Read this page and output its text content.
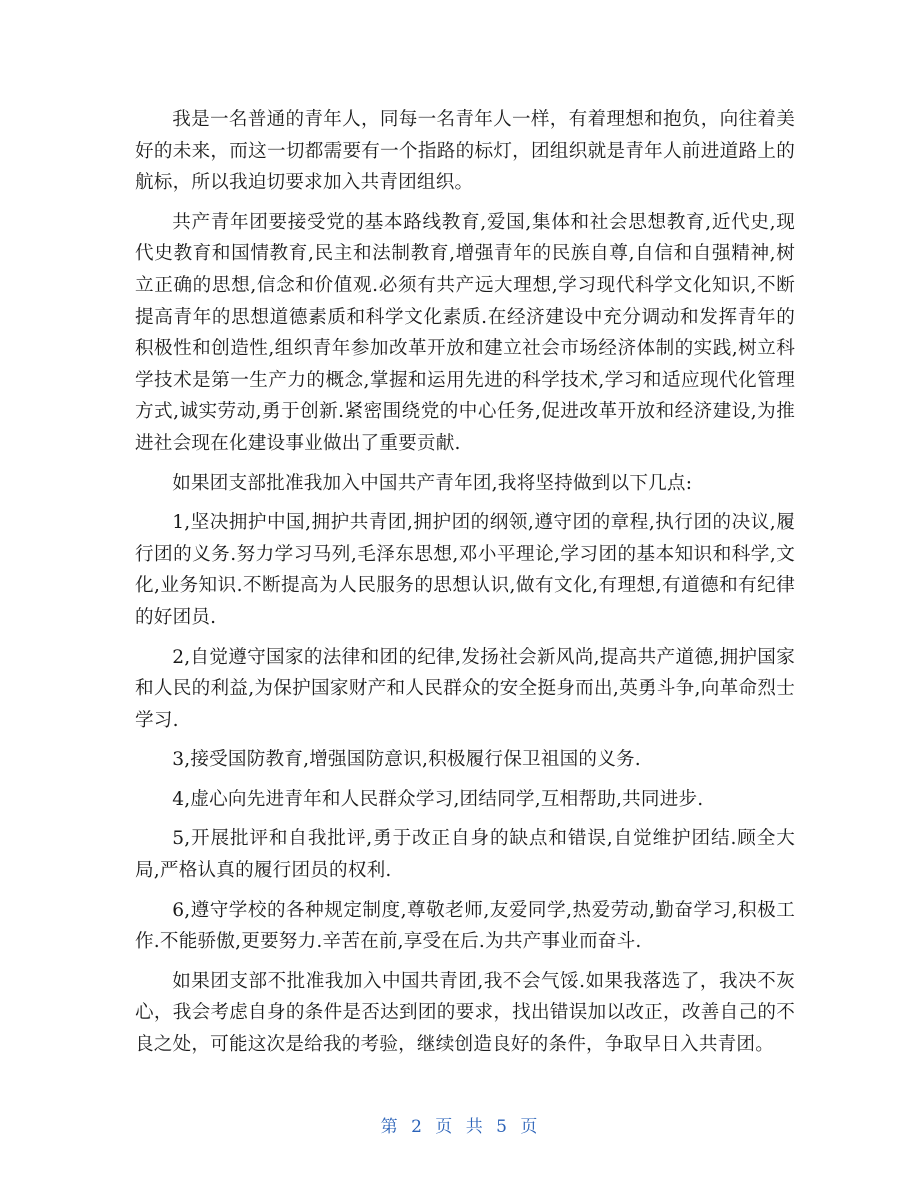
我是一名普通的青年人，同每一名青年人一样，有着理想和抱负，向往着美好的未来，而这一切都需要有一个指路的标灯，团组织就是青年人前进道路上的航标，所以我迫切要求加入共青团组织。

共产青年团要接受党的基本路线教育,爱国,集体和社会思想教育,近代史,现代史教育和国情教育,民主和法制教育,增强青年的民族自尊,自信和自强精神,树立正确的思想,信念和价值观.必须有共产远大理想,学习现代科学文化知识,不断提高青年的思想道德素质和科学文化素质.在经济建设中充分调动和发挥青年的积极性和创造性,组织青年参加改革开放和建立社会市场经济体制的实践,树立科学技术是第一生产力的概念,掌握和运用先进的科学技术,学习和适应现代化管理方式,诚实劳动,勇于创新.紧密围绕党的中心任务,促进改革开放和经济建设,为推进社会现在化建设事业做出了重要贡献.

如果团支部批准我加入中国共产青年团,我将坚持做到以下几点:

1,坚决拥护中国,拥护共青团,拥护团的纲领,遵守团的章程,执行团的决议,履行团的义务.努力学习马列,毛泽东思想,邓小平理论,学习团的基本知识和科学,文化,业务知识.不断提高为人民服务的思想认识,做有文化,有理想,有道德和有纪律的好团员.

2,自觉遵守国家的法律和团的纪律,发扬社会新风尚,提高共产道德,拥护国家和人民的利益,为保护国家财产和人民群众的安全挺身而出,英勇斗争,向革命烈士学习.

3,接受国防教育,增强国防意识,积极履行保卫祖国的义务.

4,虚心向先进青年和人民群众学习,团结同学,互相帮助,共同进步.

5,开展批评和自我批评,勇于改正自身的缺点和错误,自觉维护团结.顾全大局,严格认真的履行团员的权利.

6,遵守学校的各种规定制度,尊敬老师,友爱同学,热爱劳动,勤奋学习,积极工作.不能骄傲,更要努力.辛苦在前,享受在后.为共产事业而奋斗.

如果团支部不批准我加入中国共青团,我不会气馁.如果我落选了，我决不灰心，我会考虑自身的条件是否达到团的要求，找出错误加以改正，改善自己的不良之处，可能这次是给我的考验，继续创造良好的条件，争取早日入共青团。

第 2 页 共 5 页
